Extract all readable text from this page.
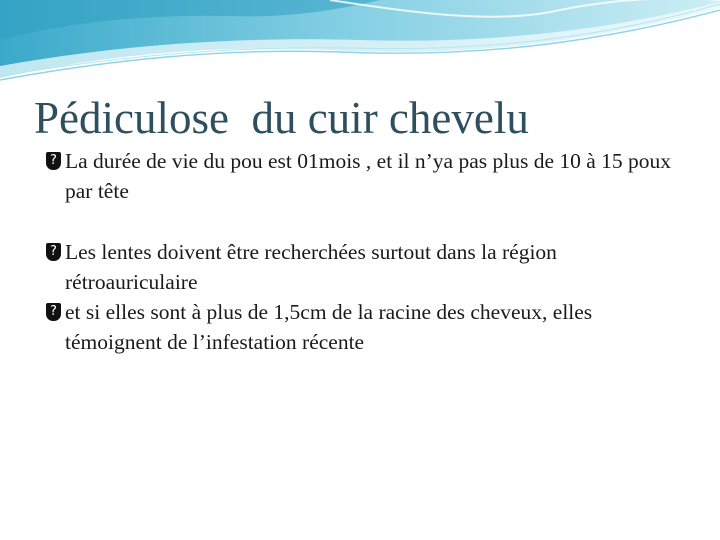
Pédiculose  du cuir chevelu

? La durée de vie du pou est 01mois , et il n’ya pas plus de 10 à 15 poux par tête

? Les lentes doivent être recherchées surtout dans la région rétroauriculaire

? et si elles sont à plus de 1,5cm de la racine des cheveux, elles témoignent de l’infestation récente
